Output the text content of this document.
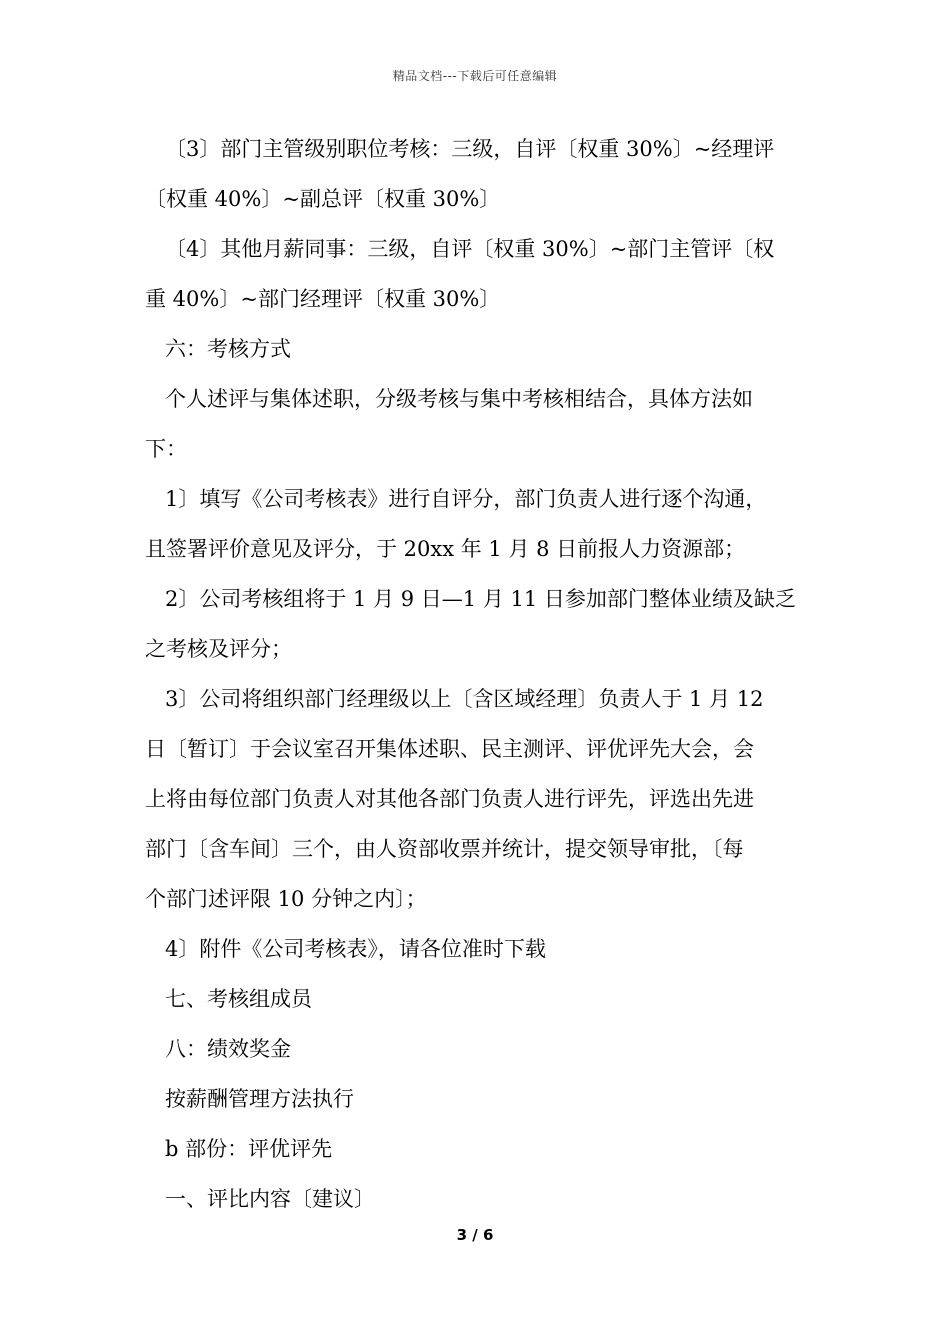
精品文档---下载后可任意编辑
〔3〕部门主管级别职位考核：三级，自评〔权重 30%〕~经理评
〔权重 40%〕~副总评〔权重 30%〕
〔4〕其他月薪同事：三级，自评〔权重 30%〕~部门主管评〔权
重 40%〕~部门经理评〔权重 30%〕
六：考核方式
个人述评与集体述职，分级考核与集中考核相结合，具体方法如
下：
1〕填写《公司考核表》进行自评分，部门负责人进行逐个沟通，
且签署评价意见及评分，于 20xx 年 1 月 8 日前报人力资源部；
2〕公司考核组将于 1 月 9 日—1 月 11 日参加部门整体业绩及缺乏
之考核及评分；
3〕公司将组织部门经理级以上〔含区域经理〕负责人于 1 月 12
日〔暂订〕于会议室召开集体述职、民主测评、评优评先大会，会
上将由每位部门负责人对其他各部门负责人进行评先，评选出先进
部门〔含车间〕三个，由人资部收票并统计，提交领导审批，〔每
个部门述评限 10 分钟之内〕；
4〕附件《公司考核表》，请各位准时下载
七、考核组成员
八：绩效奖金
按薪酬管理方法执行
b 部份：评优评先
一、评比内容〔建议〕
3 / 6
